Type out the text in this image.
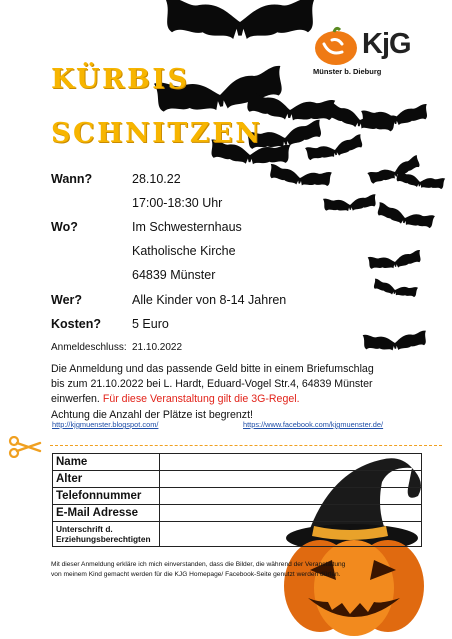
KjG
Münster b. Dieburg
KÜRBIS
SCHNITZEN
Wann?	28.10.22
17:00-18:30 Uhr
Wo?	Im Schwesternhaus
Katholische Kirche
64839 Münster
Wer?	Alle Kinder von 8-14 Jahren
Kosten? 5 Euro
Anmeldeschluss: 21.10.2022
Die Anmeldung und das passende Geld bitte in einem Briefumschlag
bis zum 21.10.2022 bei L. Hardt, Eduard-Vogel Str.4, 64839 Münster
einwerfen. Für diese Veranstaltung gilt die 3G-Regel.
Achtung die Anzahl der Plätze ist begrenzt!
http://kjgmuenster.blogspot.com/	https://www.facebook.com/kjgmuenster.de/
Name	
Alter	
Telefonnummer	
E-Mail Adresse	

Unterschrift d.
Erziehungsberechtigten	

Mit dieser Anmeldung erkläre ich mich einverstanden, dass die Bilder, die während der Veranstaltung
von meinem Kind gemacht werden für die KJG Homepage/ Facebook-Seite genutzt werden dürfen.
